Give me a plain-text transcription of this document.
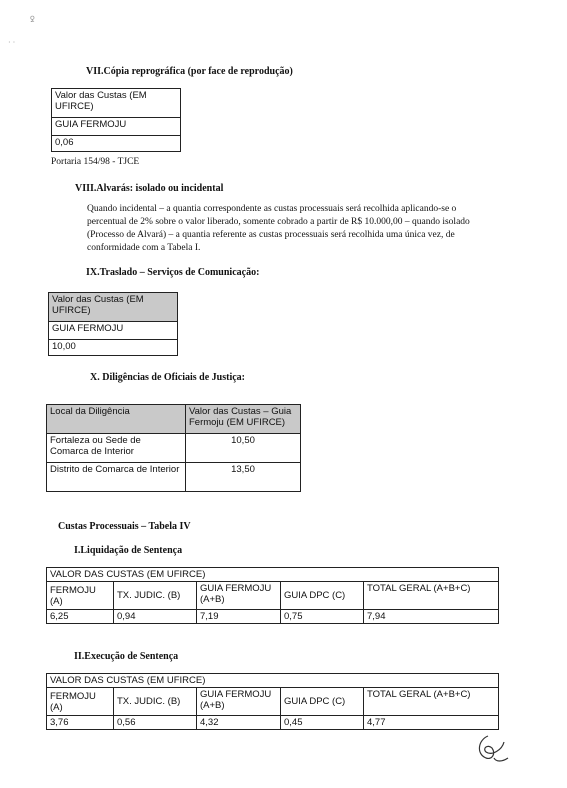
ꝿ
· ·
VII.Cópia reprográfica (por face de reprodução)
Valor das Custas (EM UFIRCE)
GUIA FERMOJU
0,06
Portaria 154/98 - TJCE
VIII.Alvarás: isolado ou incidental
Quando incidental – a quantia correspondente as custas processuais será recolhida aplicando-se o
percentual de 2% sobre o valor liberado, somente cobrado a partir de R$ 10.000,00 – quando isolado
(Processo de Alvará) – a quantia referente as custas processuais será recolhida uma única vez, de
conformidade com a Tabela I.
IX.Traslado – Serviços de Comunicação:
Valor das Custas (EM UFIRCE)
GUIA FERMOJU
10,00
X. Diligências de Oficiais de Justiça:
Local da Diligência	Valor das Custas – Guia Fermoju (EM UFIRCE)
Fortaleza ou Sede de Comarca de Interior	10,50
Distrito de Comarca de Interior	13,50
Custas Processuais – Tabela IV
I.Liquidação de Sentença
VALOR DAS CUSTAS (EM UFIRCE)				
FERMOJU (A)	TX. JUDIC. (B)	GUIA FERMOJU (A+B)	GUIA DPC (C)	TOTAL GERAL (A+B+C)
6,25	0,94	7,19	0,75	7,94
II.Execução de Sentença
VALOR DAS CUSTAS (EM UFIRCE)				
FERMOJU (A)	TX. JUDIC. (B)	GUIA FERMOJU (A+B)	GUIA DPC (C)	TOTAL GERAL (A+B+C)
3,76	0,56	4,32	0,45	4,77
